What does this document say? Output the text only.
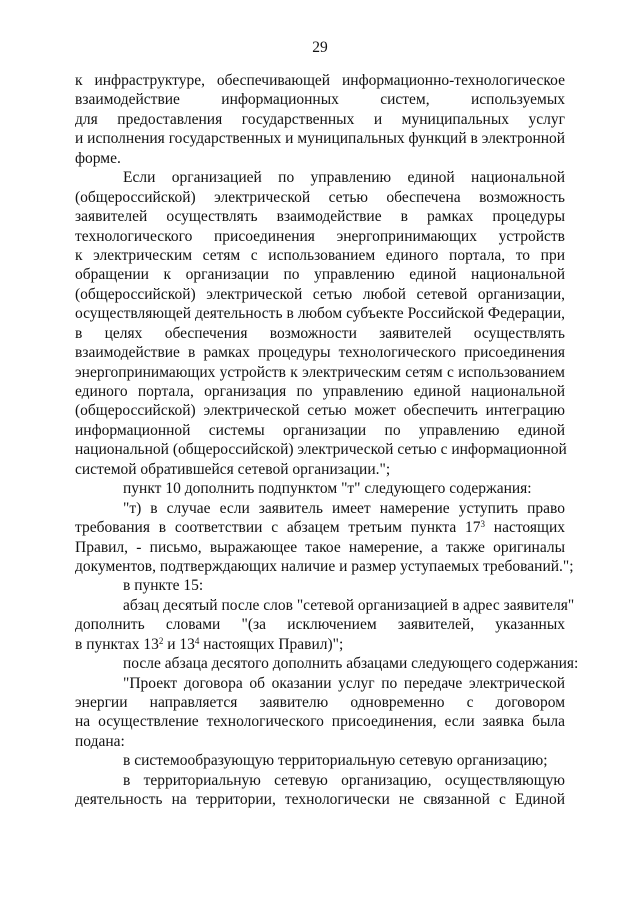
29
к инфраструктуре, обеспечивающей информационно-технологическое
взаимодействие информационных систем, используемых
для предоставления государственных и муниципальных услуг
и исполнения государственных и муниципальных функций в электронной
форме.
Если организацией по управлению единой национальной
(общероссийской) электрической сетью обеспечена возможность
заявителей осуществлять взаимодействие в рамках процедуры
технологического присоединения энергопринимающих устройств
к электрическим сетям с использованием единого портала, то при
обращении к организации по управлению единой национальной
(общероссийской) электрической сетью любой сетевой организации,
осуществляющей деятельность в любом субъекте Российской Федерации,
в целях обеспечения возможности заявителей осуществлять
взаимодействие в рамках процедуры технологического присоединения
энергопринимающих устройств к электрическим сетям с использованием
единого портала, организация по управлению единой национальной
(общероссийской) электрической сетью может обеспечить интеграцию
информационной системы организации по управлению единой
национальной (общероссийской) электрической сетью с информационной
системой обратившейся сетевой организации.";
пункт 10 дополнить подпунктом "т" следующего содержания:
"т) в случае если заявитель имеет намерение уступить право
требования в соответствии с абзацем третьим пункта $17^3$ настоящих
Правил, - письмо, выражающее такое намерение, а также оригиналы
документов, подтверждающих наличие и размер уступаемых требований.";
в пункте 15:
абзац десятый после слов "сетевой организацией в адрес заявителя"
дополнить словами "(за исключением заявителей, указанных
в пунктах $13^2$ и $13^4$ настоящих Правил)";
после абзаца десятого дополнить абзацами следующего содержания:
"Проект договора об оказании услуг по передаче электрической
энергии направляется заявителю одновременно с договором
на осуществление технологического присоединения, если заявка была
подана:
в системообразующую территориальную сетевую организацию;
в территориальную сетевую организацию, осуществляющую
деятельность на территории, технологически не связанной с Единой
